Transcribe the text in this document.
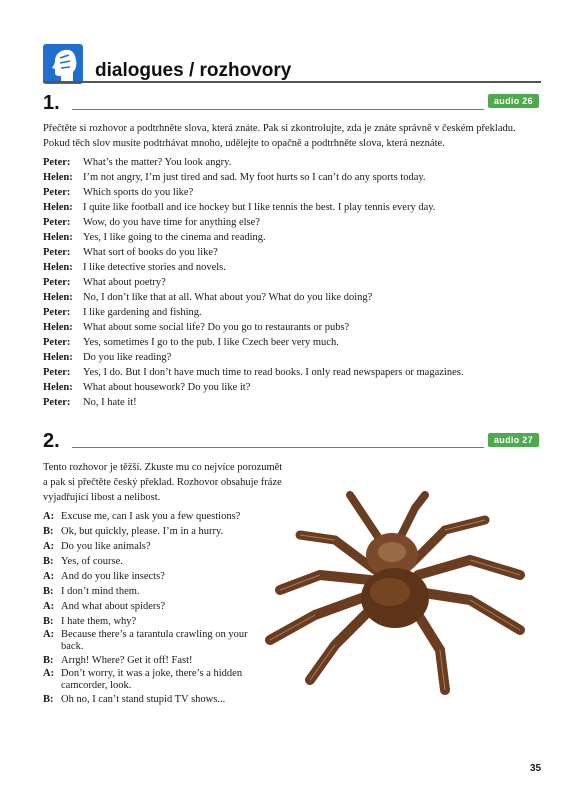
dialogues / rozhovory
1.	audio 26
Přečtěte si rozhovor a podtrhněte slova, která znáte. Pak si zkontrolujte, zda je znáte správně v českém překladu.
Pokud těch slov musíte podtrhávat mnoho, udělejte to opačně a podtrhněte slova, která neznáte.
Peter: What’s the matter? You look angry.
Helen: I’m not angry, I’m just tired and sad. My foot hurts so I can’t do any sports today.
Peter: Which sports do you like?
Helen: I quite like football and ice hockey but I like tennis the best. I play tennis every day.
Peter: Wow, do you have time for anything else?
Helen: Yes, I like going to the cinema and reading.
Peter: What sort of books do you like?
Helen: I like detective stories and novels.
Peter: What about poetry?
Helen: No, I don’t like that at all. What about you? What do you like doing?
Peter: I like gardening and fishing.
Helen: What about some social life? Do you go to restaurants or pubs?
Peter: Yes, sometimes I go to the pub. I like Czech beer very much.
Helen: Do you like reading?
Peter: Yes, I do. But I don’t have much time to read books. I only read newspapers or magazines.
Helen: What about housework? Do you like it?
Peter: No, I hate it!
2.	audio 27
Tento rozhovor je těžší. Zkuste mu co nejvíce porozumět
a pak si přečtěte český překlad. Rozhovor obsahuje fráze
vyjadřující libost a nelibost.
A: Excuse me, can I ask you a few questions?
B: Ok, but quickly, please. I’m in a hurry.
A: Do you like animals?
B: Yes, of course.
A: And do you like insects?
B: I don’t mind them.
A: And what about spiders?
B: I hate them, why?
A: Because there’s a tarantula crawling on your back.
B: Arrgh! Where? Get it off! Fast!
A: Don’t worry, it was a joke, there’s a hidden camcorder, look.
B: Oh no, I can’t stand stupid TV shows...
35
